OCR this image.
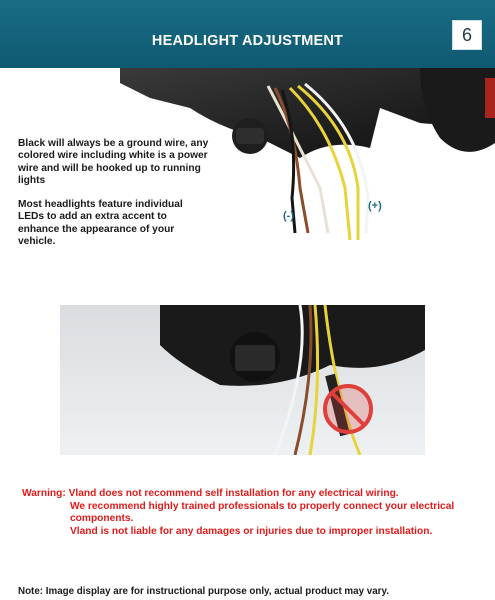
HEADLIGHT ADJUSTMENT	6
Black will always be a ground wire, any colored wire including white is a power wire and will be hooked up to running lights
Most headlights feature individual LEDs to add an extra accent to enhance the appearance of your vehicle.
(-)
(+)
Warning: Vland does not recommend self installation for any electrical wiring.
We recommend highly trained professionals to properly connect your electrical components.
Vland is not liable for any damages or injuries due to improper installation.
Note: Image display are for instructional purpose only, actual product may vary.
